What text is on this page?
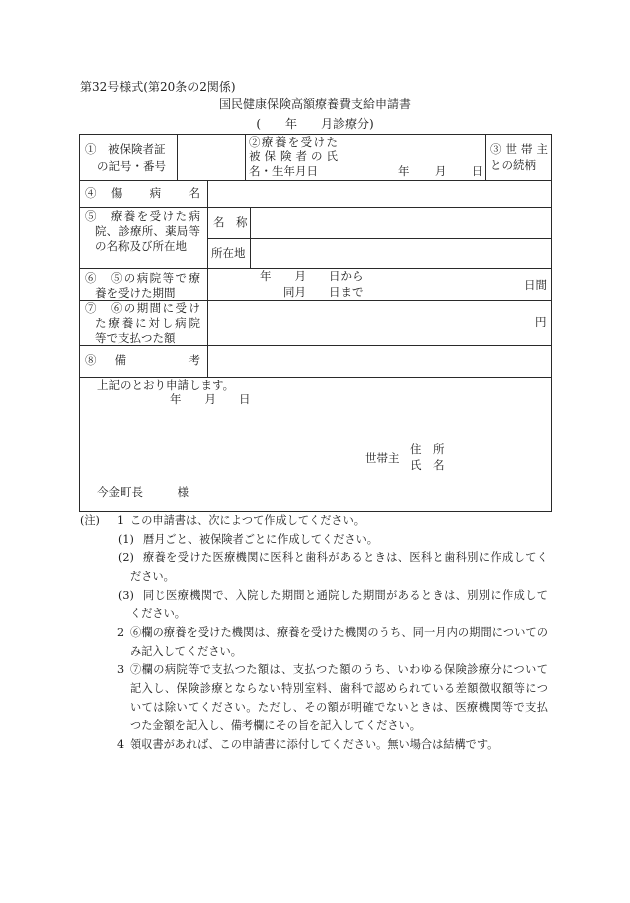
第32号様式(第20条の2関係)
国民健康保険高額療養費支給申請書
(　　年　　月診療分)
①　被保険者証
の記号・番号
②療養を受けた
被保険者の氏
名・生年月日	年　　月　　日
③世帯主
との続柄
④　傷　　病　　名
⑤　療養を受けた病
院、診療所、薬局等
の名称及び所在地
名　称
所在地
⑥　⑤の病院等で療
養を受けた期間
年　　月　　日から
同月　　日まで	日間
⑦　⑥の期間に受け
た療養に対し病院
等で支払つた額
円
⑧　備　　　　考
上記のとおり申請します。
年　　月　　日
世帯主
住　所
氏　名
今金町長　　　様
(注) 1 この申請書は、次によつて作成してください。
(1) 暦月ごと、被保険者ごとに作成してください。
(2) 療養を受けた医療機関に医科と歯科があるときは、医科と歯科別に作成してく
ださい。
(3) 同じ医療機関で、入院した期間と通院した期間があるときは、別別に作成して
ください。
2 ⑥欄の療養を受けた機関は、療養を受けた機関のうち、同一月内の期間についての
み記入してください。
3 ⑦欄の病院等で支払つた額は、支払つた額のうち、いわゆる保険診療分について
記入し、保険診療とならない特別室料、歯科で認められている差額徴収額等につ
いては除いてください。ただし、その額が明確でないときは、医療機関等で支払
つた金額を記入し、備考欄にその旨を記入してください。
4 領収書があれば、この申請書に添付してください。無い場合は結構です。
